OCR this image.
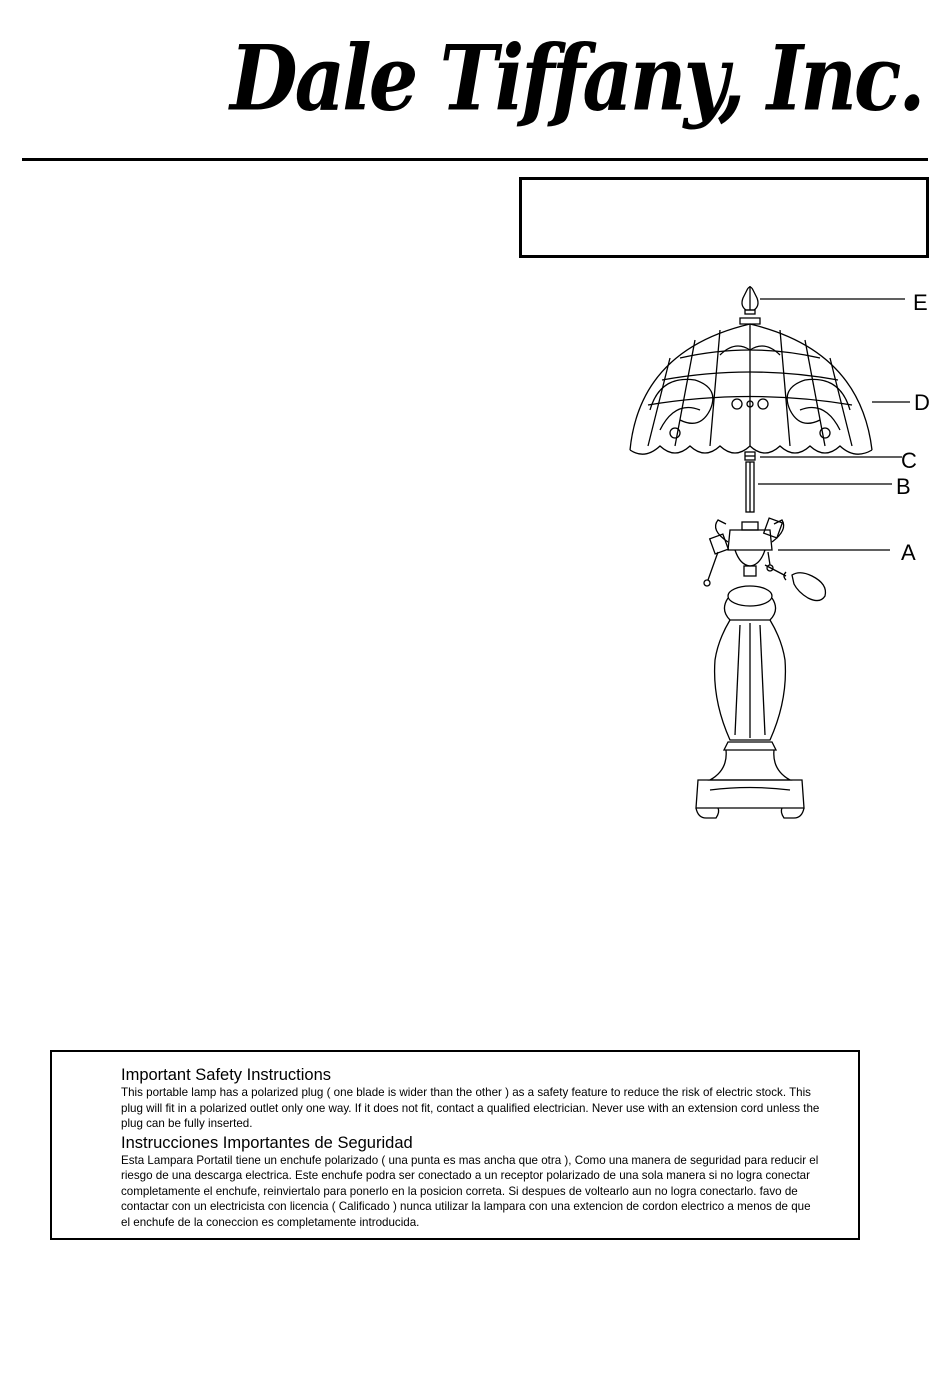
Dale Tiffany, Inc.
E
D
C
B
A
Important Safety Instructions

This portable lamp has a polarized plug ( one blade is wider than the other ) as a safety feature to reduce the risk of electric stock. This plug will fit in a polarized outlet only one way. If it does not fit, contact a qualified electrician. Never use with an extension cord unless the plug can be fully inserted.

Instrucciones Importantes de Seguridad

Esta Lampara Portatil tiene un enchufe polarizado ( una punta es mas ancha que otra ), Como una manera de seguridad para reducir el riesgo de una descarga electrica. Este enchufe podra ser conectado a un receptor polarizado de una sola manera si no logra conectar completamente el enchufe, reinviertalo para ponerlo en la posicion correta. Si despues de voltearlo aun no logra conectarlo. favo de contactar con un electricista con licencia ( Calificado ) nunca utilizar la lampara con una extencion de cordon electrico a menos de que el enchufe de la coneccion es completamente introducida.
